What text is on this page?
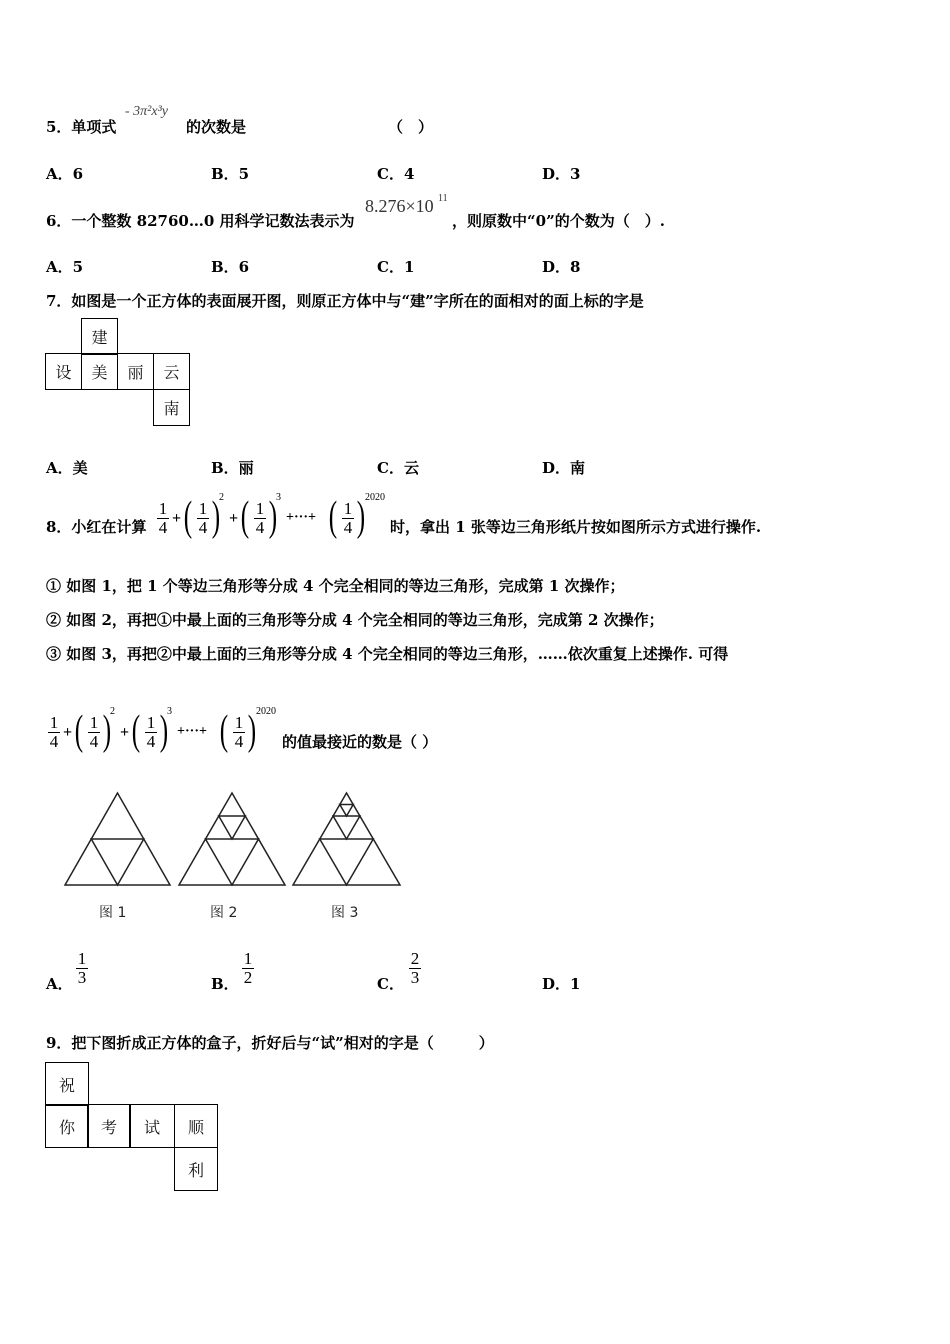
5．单项式
- 3π²x³y
的次数是	（　）
A．6	B．5	C．4	D．3
6．一个整数 82760…0 用科学记数法表示为
8.276×10 11
，则原数中“0”的个数为（　）.
A．5	B．6	C．1	D．8
7．如图是一个正方体的表面展开图，则原正方体中与“建”字所在的面相对的面上标的字是
建
设	美	丽	云
南
A．美	B．丽	C．云	D．南
8．小红在计算
1
4 + ( 1
4 )
2
+ ( 1
4 )
3
+···+ ( 1
4 ) 2020
时，拿出 1 张等边三角形纸片按如图所示方式进行操作.
① 如图 1，把 1 个等边三角形等分成 4 个完全相同的等边三角形，完成第 1 次操作；
② 如图 2，再把①中最上面的三角形等分成 4 个完全相同的等边三角形，完成第 2 次操作；
③ 如图 3，再把②中最上面的三角形等分成 4 个完全相同的等边三角形，……依次重复上述操作. 可得
1
4 + ( 1
4 )
2
+ ( 1
4 )
3
+···+ ( 1
4 ) 2020
的值最接近的数是（ ）
图 1	图 2	图 3
A．
1
3	B．
1
2	C．
2
3	D．1
9．把下图折成正方体的盒子，折好后与“试”相对的字是（　　　）
祝
你	考	试	顺
利
